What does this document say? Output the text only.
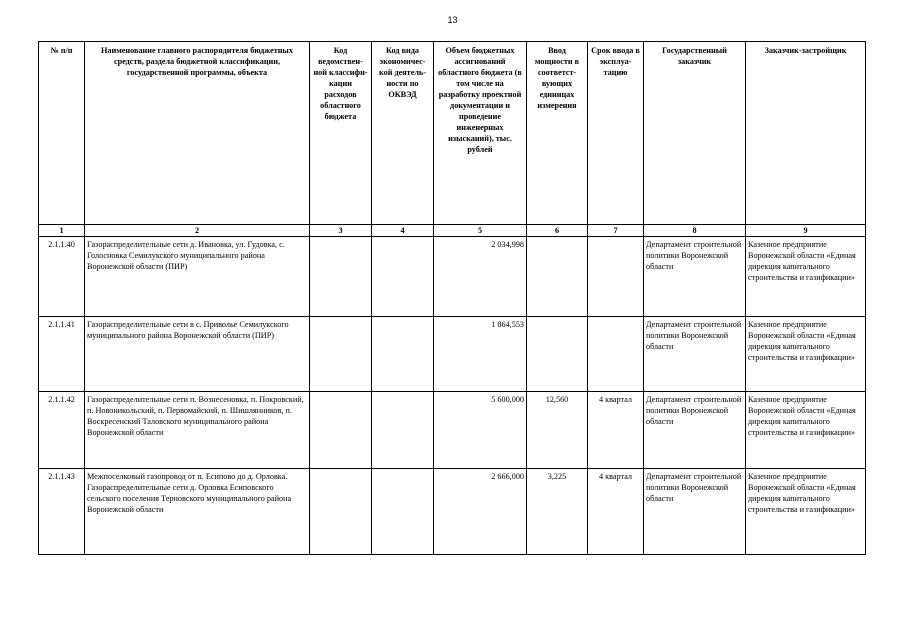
13
№ п/п	Наименование главного распорядителя бюджетных средств, раздела бюджетной классификации, государственной программы, объекта	Код ведомствен-ной классифи-кации расходов областного бюджета	Код вида экономичес-кой деятель-ности по ОКВЭД	Объем бюджетных ассигнований областного бюджета (в том числе на разработку проектной документации и проведение инженерных изысканий), тыс. рублей	Ввод мощности в соответст-вующих единицах измерения	Срок ввода в эксплуа-тацию	Государственный заказчик	Заказчик-застройщик
1	2	3	4	5	6	7	8	9
2.1.1.40	Газораспределительные сети д. Ивановка, ул. Гудовка, с. Голосновка Семилукского муниципального района Воронежской области (ПИР)			2 034,998			Департамент строительной политики Воронежской области	Казенное предприятие Воронежской области «Единая дирекция капитального строительства и газификации»
2.1.1.41	Газораспределительные сети в с. Приволье Семилукского муниципального района Воронежской области (ПИР)			1 864,553			Департамент строительной политики Воронежской области	Казенное предприятие Воронежской области «Единая дирекция капитального строительства и газификации»
2.1.1.42	Газораспределительные сети п. Вознесеновка, п. Покровский, п. Новоникольский, п. Первомайский, п. Шишлянников, п. Воскресенский Таловского муниципального района Воронежской области			5 600,000	12,560	4 квартал	Департамент строительной политики Воронежской области	Казенное предприятие Воронежской области «Единая дирекция капитального строительства и газификации»
2.1.1.43	Межпоселковый газопровод от п. Есипово до д. Орловка. Газораспределительные сети д. Орловка Есиповского сельского поселения Терновского муниципального района Воронежской области			2 666,000	3,225	4 квартал	Департамент строительной политики Воронежской области	Казенное предприятие Воронежской области «Единая дирекция капитального строительства и газификации»
